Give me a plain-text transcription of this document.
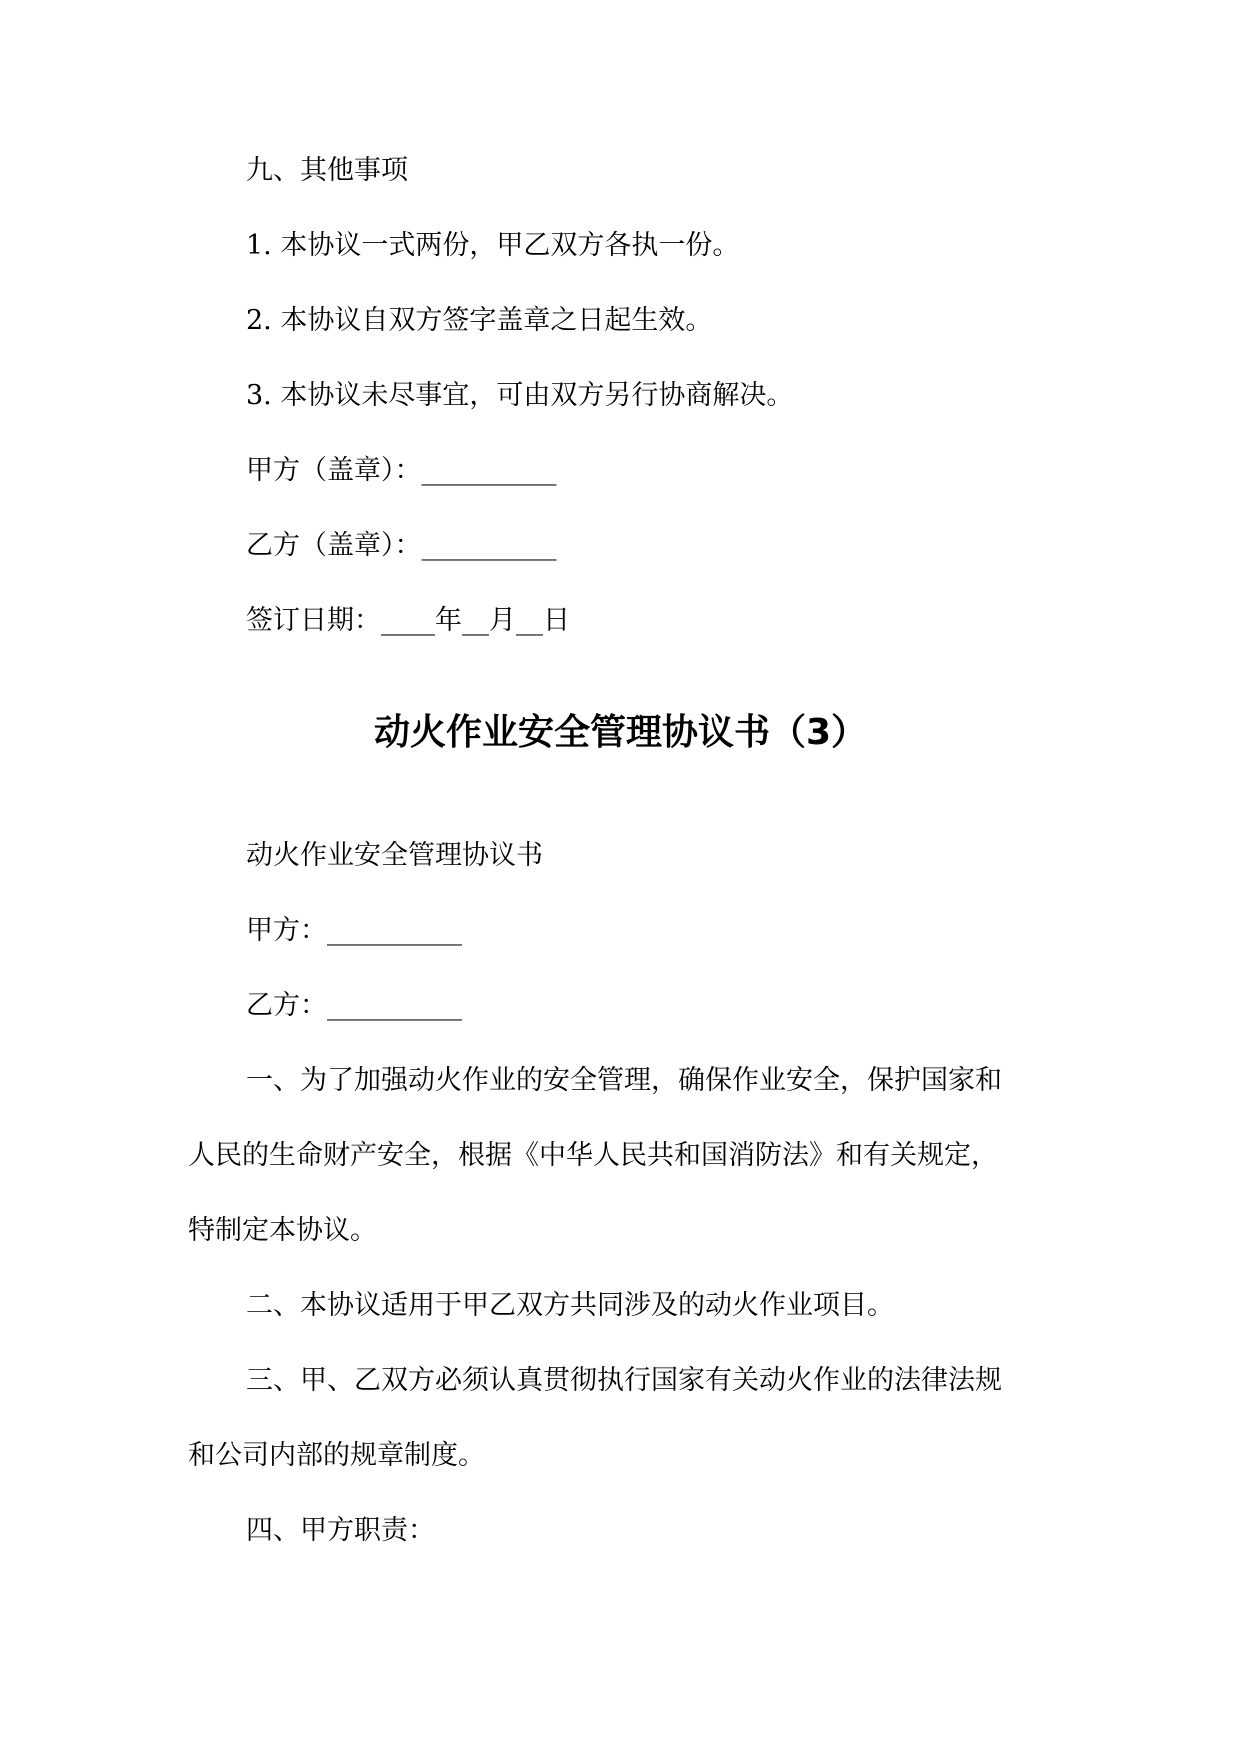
九、其他事项
1. 本协议一式两份，甲乙双方各执一份。
2. 本协议自双方签字盖章之日起生效。
3. 本协议未尽事宜，可由双方另行协商解决。
甲方（盖章）：__________
乙方（盖章）：__________
签订日期：____年__月__日
动火作业安全管理协议书（3）
动火作业安全管理协议书
甲方：__________
乙方：__________
一、为了加强动火作业的安全管理，确保作业安全，保护国家和
人民的生命财产安全，根据《中华人民共和国消防法》和有关规定，
特制定本协议。
二、本协议适用于甲乙双方共同涉及的动火作业项目。
三、甲、乙双方必须认真贯彻执行国家有关动火作业的法律法规
和公司内部的规章制度。
四、甲方职责：
